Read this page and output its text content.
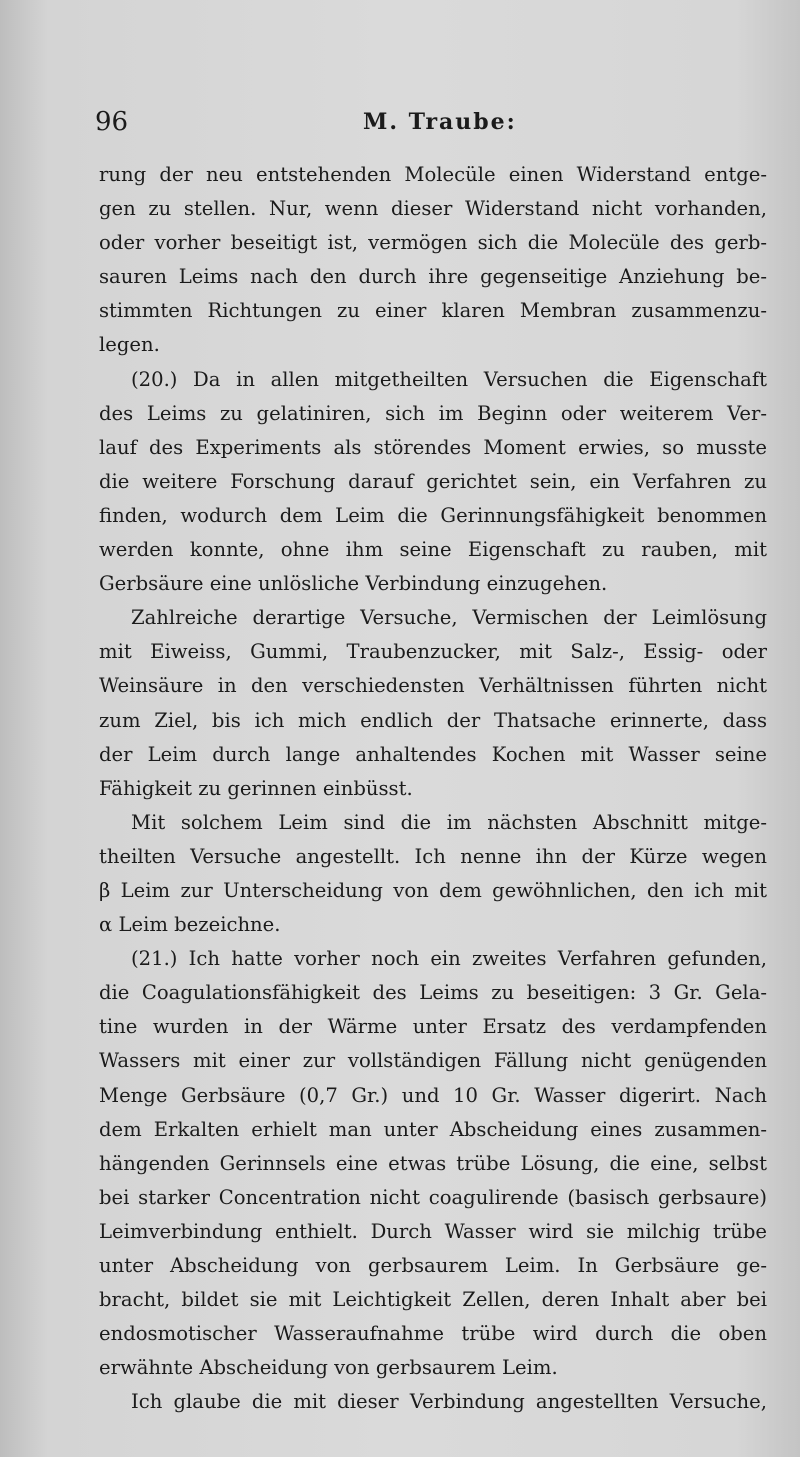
96	M. Traube:
rung der neu entstehenden Molecüle einen Widerstand entge-
gen zu stellen. Nur, wenn dieser Widerstand nicht vorhanden,
oder vorher beseitigt ist, vermögen sich die Molecüle des gerb-
sauren Leims nach den durch ihre gegenseitige Anziehung be-
stimmten Richtungen zu einer klaren Membran zusammenzu-
legen.
(20.) Da in allen mitgetheilten Versuchen die Eigenschaft
des Leims zu gelatiniren, sich im Beginn oder weiterem Ver-
lauf des Experiments als störendes Moment erwies, so musste
die weitere Forschung darauf gerichtet sein, ein Verfahren zu
finden, wodurch dem Leim die Gerinnungsfähigkeit benommen
werden konnte, ohne ihm seine Eigenschaft zu rauben, mit
Gerbsäure eine unlösliche Verbindung einzugehen.
Zahlreiche derartige Versuche, Vermischen der Leimlösung
mit Eiweiss, Gummi, Traubenzucker, mit Salz-, Essig- oder
Weinsäure in den verschiedensten Verhältnissen führten nicht
zum Ziel, bis ich mich endlich der Thatsache erinnerte, dass
der Leim durch lange anhaltendes Kochen mit Wasser seine
Fähigkeit zu gerinnen einbüsst.
Mit solchem Leim sind die im nächsten Abschnitt mitge-
theilten Versuche angestellt. Ich nenne ihn der Kürze wegen
β Leim zur Unterscheidung von dem gewöhnlichen, den ich mit
α Leim bezeichne.
(21.) Ich hatte vorher noch ein zweites Verfahren gefunden,
die Coagulationsfähigkeit des Leims zu beseitigen: 3 Gr. Gela-
tine wurden in der Wärme unter Ersatz des verdampfenden
Wassers mit einer zur vollständigen Fällung nicht genügenden
Menge Gerbsäure (0,7 Gr.) und 10 Gr. Wasser digerirt. Nach
dem Erkalten erhielt man unter Abscheidung eines zusammen-
hängenden Gerinnsels eine etwas trübe Lösung, die eine, selbst
bei starker Concentration nicht coagulirende (basisch gerbsaure)
Leimverbindung enthielt. Durch Wasser wird sie milchig trübe
unter Abscheidung von gerbsaurem Leim. In Gerbsäure ge-
bracht, bildet sie mit Leichtigkeit Zellen, deren Inhalt aber bei
endosmotischer Wasseraufnahme trübe wird durch die oben
erwähnte Abscheidung von gerbsaurem Leim.
Ich glaube die mit dieser Verbindung angestellten Versuche,
